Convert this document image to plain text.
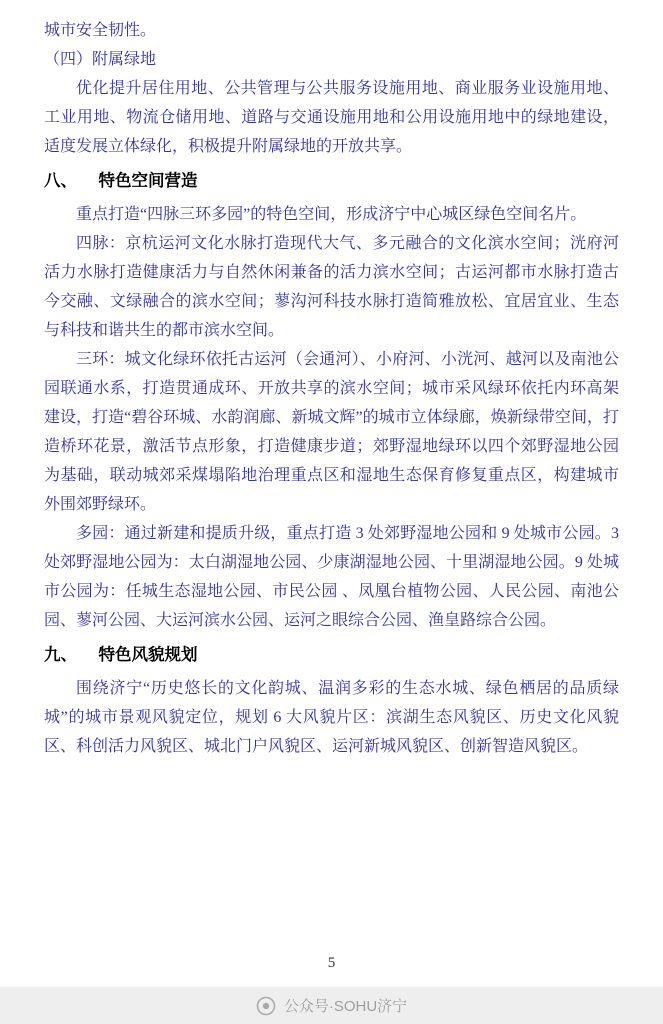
城市安全韧性。

（四）附属绿地

优化提升居住用地、公共管理与公共服务设施用地、商业服务业设施用地、工业用地、物流仓储用地、道路与交通设施用地和公用设施用地中的绿地建设，适度发展立体绿化，积极提升附属绿地的开放共享。

八、 特色空间营造

重点打造“四脉三环多园”的特色空间，形成济宁中心城区绿色空间名片。

四脉：京杭运河文化水脉打造现代大气、多元融合的文化滨水空间；洸府河活力水脉打造健康活力与自然休闲兼备的活力滨水空间；古运河都市水脉打造古今交融、文绿融合的滨水空间；蓼沟河科技水脉打造简雅放松、宜居宜业、生态与科技和谐共生的都市滨水空间。

三环：城文化绿环依托古运河（会通河）、小府河、小洸河、越河以及南池公园联通水系，打造贯通成环、开放共享的滨水空间；城市采风绿环依托内环高架建设，打造“碧谷环城、水韵润廊、新城文辉”的城市立体绿廊，焕新绿带空间，打造桥环花景，激活节点形象，打造健康步道；郊野湿地绿环以四个郊野湿地公园为基础，联动城郊采煤塌陷地治理重点区和湿地生态保育修复重点区，构建城市外围郊野绿环。

多园：通过新建和提质升级，重点打造 3 处郊野湿地公园和 9 处城市公园。3 处郊野湿地公园为：太白湖湿地公园、少康湖湿地公园、十里湖湿地公园。9 处城市公园为：任城生态湿地公园、市民公园 、凤凰台植物公园、人民公园、南池公园、蓼河公园、大运河滨水公园、运河之眼综合公园、渔皇路综合公园。

九、 特色风貌规划

围绕济宁“历史悠长的文化韵城、温润多彩的生态水城、绿色栖居的品质绿城”的城市景观风貌定位，规划 6 大风貌片区：滨湖生态风貌区、历史文化风貌区、科创活力风貌区、城北门户风貌区、运河新城风貌区、创新智造风貌区。

5
公众号·SOHU济宁
